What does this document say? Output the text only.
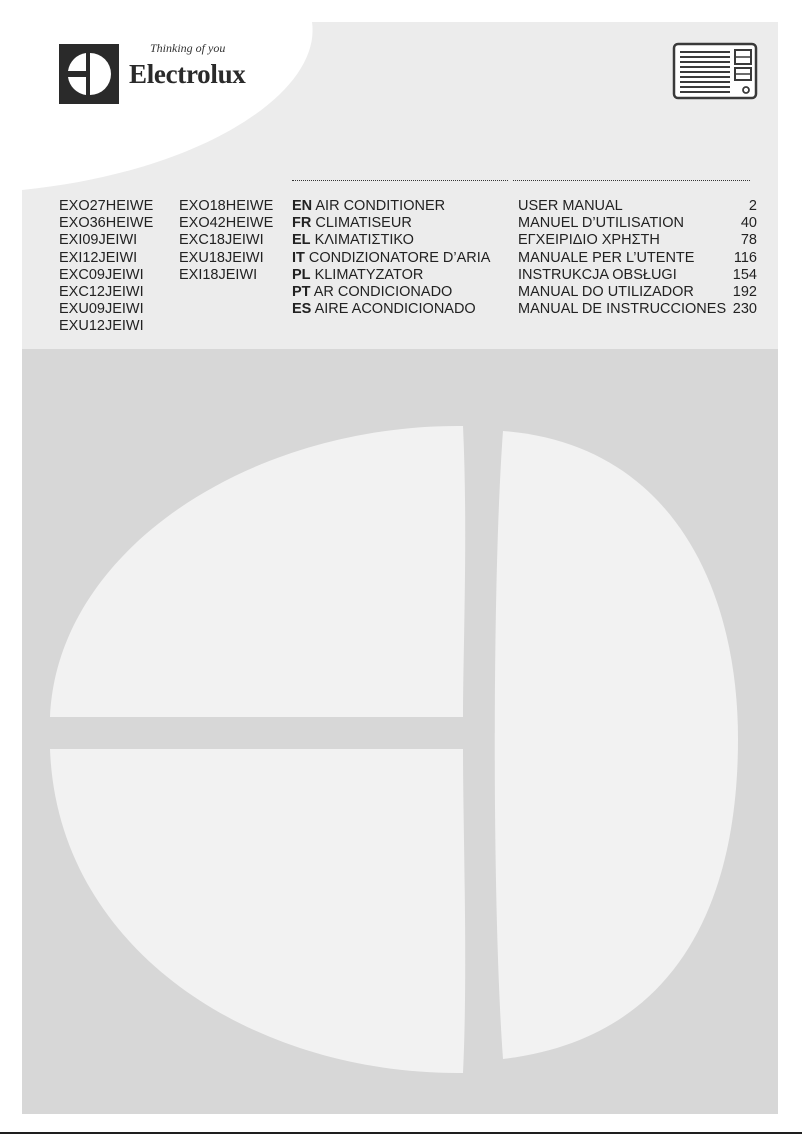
Thinking of you
Electrolux
EXO27HEIWE
EXO36HEIWE
EXI09JEIWI
EXI12JEIWI
EXC09JEIWI
EXC12JEIWI
EXU09JEIWI
EXU12JEIWI
EXO18HEIWE
EXO42HEIWE
EXC18JEIWI
EXU18JEIWI
EXI18JEIWI
EN AIR CONDITIONER
FR CLIMATISEUR
EL ΚΛΙΜΑΤΙΣΤΙΚΟ
IT CONDIZIONATORE D’ARIA
PL KLIMATYZATOR
PT AR CONDICIONADO
ES AIRE ACONDICIONADO
USER MANUAL
MANUEL D’UTILISATION
ΕΓΧΕΙΡΙΔΙΟ ΧΡΗΣΤΗ
MANUALE PER L’UTENTE
INSTRUKCJA OBSŁUGI
MANUAL DO UTILIZADOR
MANUAL DE INSTRUCCIONES
2
40
78
116
154
192
230
